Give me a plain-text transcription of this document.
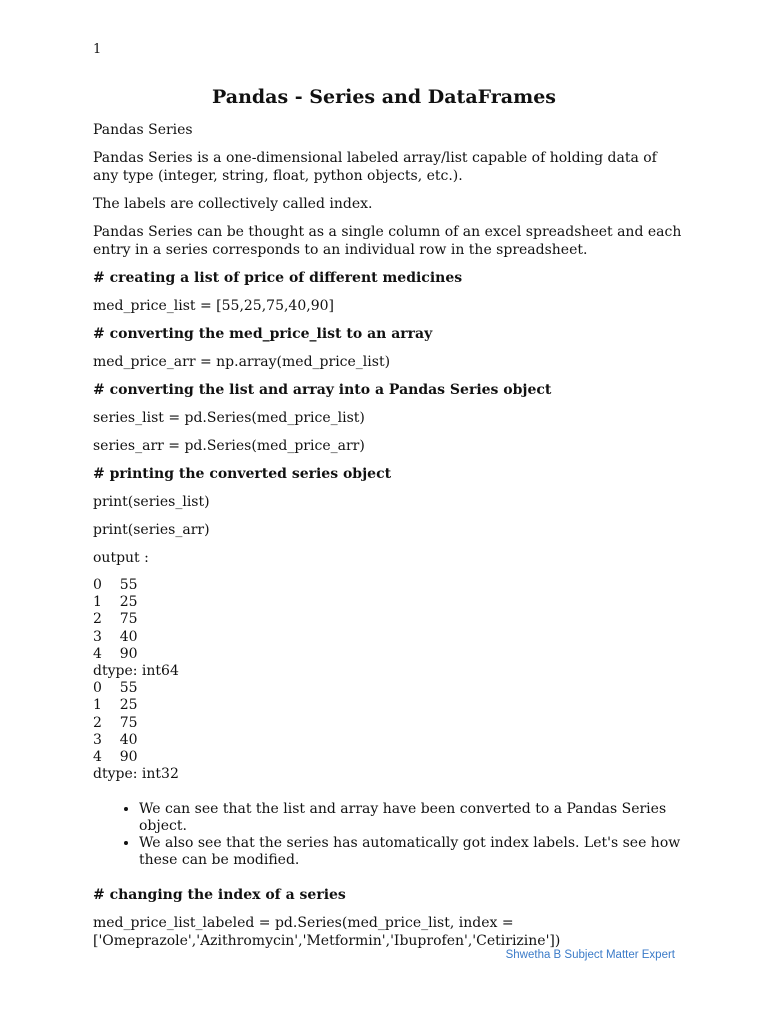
1
Pandas - Series and DataFrames

Pandas Series

Pandas Series is a one-dimensional labeled array/list capable of holding data of any type (integer, string, float, python objects, etc.).

The labels are collectively called index.

Pandas Series can be thought as a single column of an excel spreadsheet and each entry in a series corresponds to an individual row in the spreadsheet.

# creating a list of price of different medicines

med_price_list = [55,25,75,40,90]

# converting the med_price_list to an array

med_price_arr = np.array(med_price_list)

# converting the list and array into a Pandas Series object

series_list = pd.Series(med_price_list)

series_arr = pd.Series(med_price_arr)

# printing the converted series object

print(series_list)

print(series_arr)

output :

0    55
1    25
2    75
3    40
4    90
dtype: int64
0    55
1    25
2    75
3    40
4    90
dtype: int32
• We can see that the list and array have been converted to a Pandas Series object.
• We also see that the series has automatically got index labels. Let's see how these can be modified.

# changing the index of a series

med_price_list_labeled = pd.Series(med_price_list, index = ['Omeprazole','Azithromycin','Metformin','Ibuprofen','Cetirizine'])

Shwetha B Subject Matter Expert
